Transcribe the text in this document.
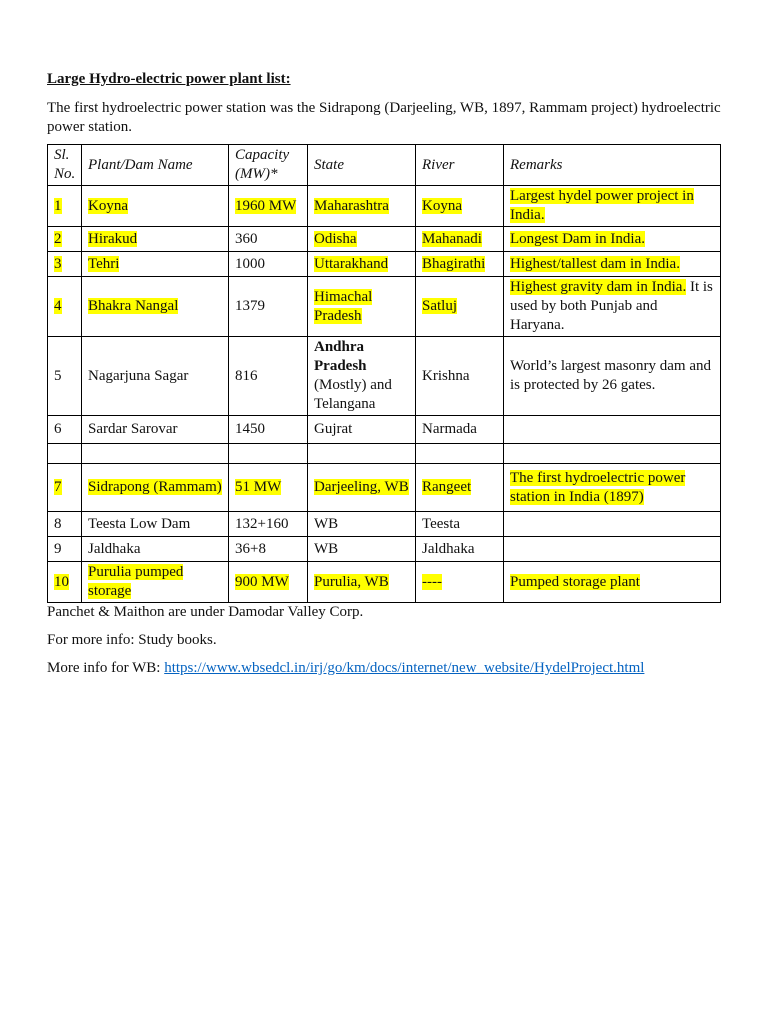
Large Hydro-electric power plant list:
The first hydroelectric power station was the Sidrapong (Darjeeling, WB, 1897, Rammam project) hydroelectric power station.
Sl. No.	Plant/Dam Name	Capacity (MW)*	State	River	Remarks
1	Koyna	1960 MW	Maharashtra	Koyna	Largest hydel power project in India.
2	Hirakud	360	Odisha	Mahanadi	Longest Dam in India.
3	Tehri	1000	Uttarakhand	Bhagirathi	Highest/tallest dam in India.
4	Bhakra Nangal	1379	Himachal Pradesh	Satluj	Highest gravity dam in India. It is used by both Punjab and Haryana.
5	Nagarjuna Sagar	816	Andhra Pradesh (Mostly) and Telangana	Krishna	World’s largest masonry dam and is protected by 26 gates.
6	Sardar Sarovar	1450	Gujrat	Narmada	

7	Sidrapong (Rammam)	51 MW	Darjeeling, WB	Rangeet	The first hydroelectric power station in India (1897)
8	Teesta Low Dam	132+160	WB	Teesta	
9	Jaldhaka	36+8	WB	Jaldhaka	
10	Purulia pumped storage	900 MW	Purulia, WB	----	Pumped storage plant
Panchet & Maithon are under Damodar Valley Corp.
For more info: Study books.
More info for WB: https://www.wbsedcl.in/irj/go/km/docs/internet/new_website/HydelProject.html
